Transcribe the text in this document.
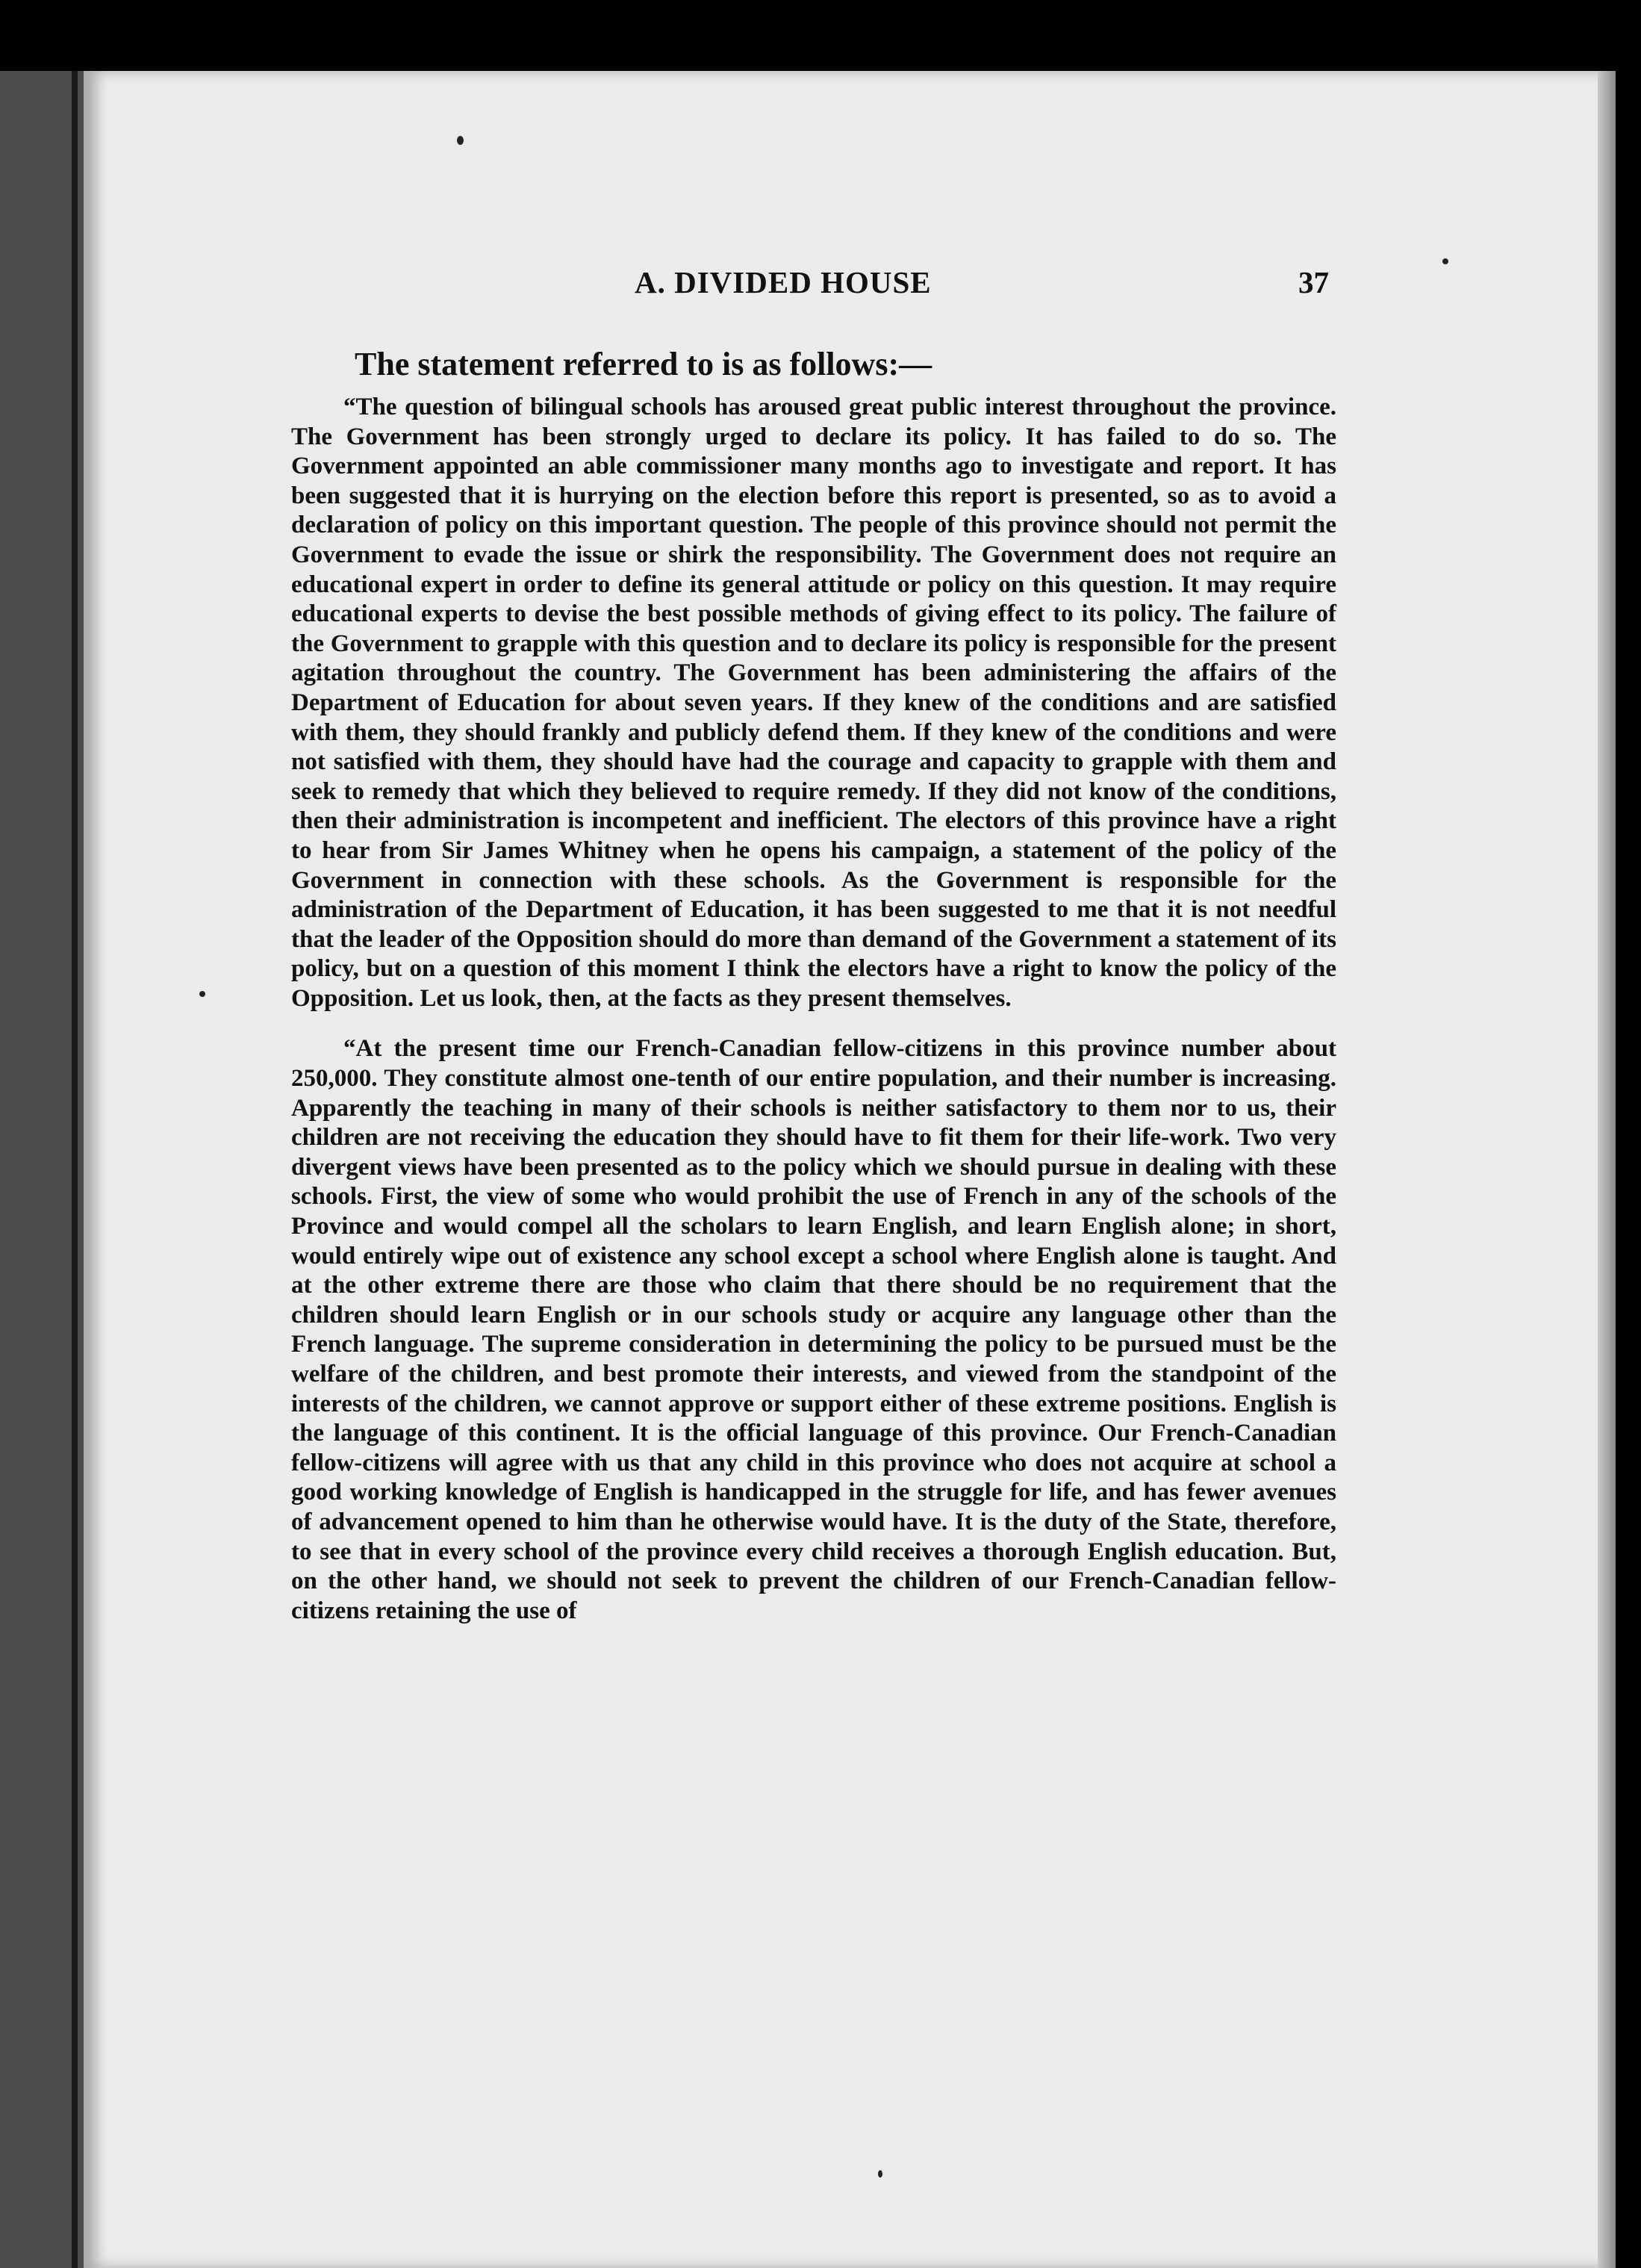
A. DIVIDED HOUSE	37
The statement referred to is as follows:—

“The question of bilingual schools has aroused great public interest throughout the province. The Government has been strongly urged to declare its policy. It has failed to do so. The Government appointed an able commissioner many months ago to investigate and report. It has been suggested that it is hurrying on the election before this report is presented, so as to avoid a declaration of policy on this important question. The people of this province should not permit the Government to evade the issue or shirk the responsibility. The Government does not require an educational expert in order to define its general attitude or policy on this question. It may require educational experts to devise the best possible methods of giving effect to its policy. The failure of the Government to grapple with this question and to declare its policy is responsible for the present agitation throughout the country. The Government has been administering the affairs of the Department of Education for about seven years. If they knew of the conditions and are satisfied with them, they should frankly and publicly defend them. If they knew of the conditions and were not satisfied with them, they should have had the courage and capacity to grapple with them and seek to remedy that which they believed to require remedy. If they did not know of the conditions, then their administration is incompetent and inefficient. The electors of this province have a right to hear from Sir James Whitney when he opens his campaign, a statement of the policy of the Government in connection with these schools. As the Government is responsible for the administration of the Department of Education, it has been suggested to me that it is not needful that the leader of the Opposition should do more than demand of the Government a statement of its policy, but on a question of this moment I think the electors have a right to know the policy of the Opposition. Let us look, then, at the facts as they present themselves.

“At the present time our French-Canadian fellow-citizens in this province number about 250,000. They constitute almost one-tenth of our entire population, and their number is increasing. Apparently the teaching in many of their schools is neither satisfactory to them nor to us, their children are not receiving the education they should have to fit them for their life-work. Two very divergent views have been presented as to the policy which we should pursue in dealing with these schools. First, the view of some who would prohibit the use of French in any of the schools of the Province and would compel all the scholars to learn English, and learn English alone; in short, would entirely wipe out of existence any school except a school where English alone is taught. And at the other extreme there are those who claim that there should be no requirement that the children should learn English or in our schools study or acquire any language other than the French language. The supreme consideration in determining the policy to be pursued must be the welfare of the children, and best promote their interests, and viewed from the standpoint of the interests of the children, we cannot approve or support either of these extreme positions. English is the language of this continent. It is the official language of this province. Our French-Canadian fellow-citizens will agree with us that any child in this province who does not acquire at school a good working knowledge of English is handicapped in the struggle for life, and has fewer avenues of advancement opened to him than he otherwise would have. It is the duty of the State, therefore, to see that in every school of the province every child receives a thorough English education. But, on the other hand, we should not seek to prevent the children of our French-Canadian fellow-citizens retaining the use of
